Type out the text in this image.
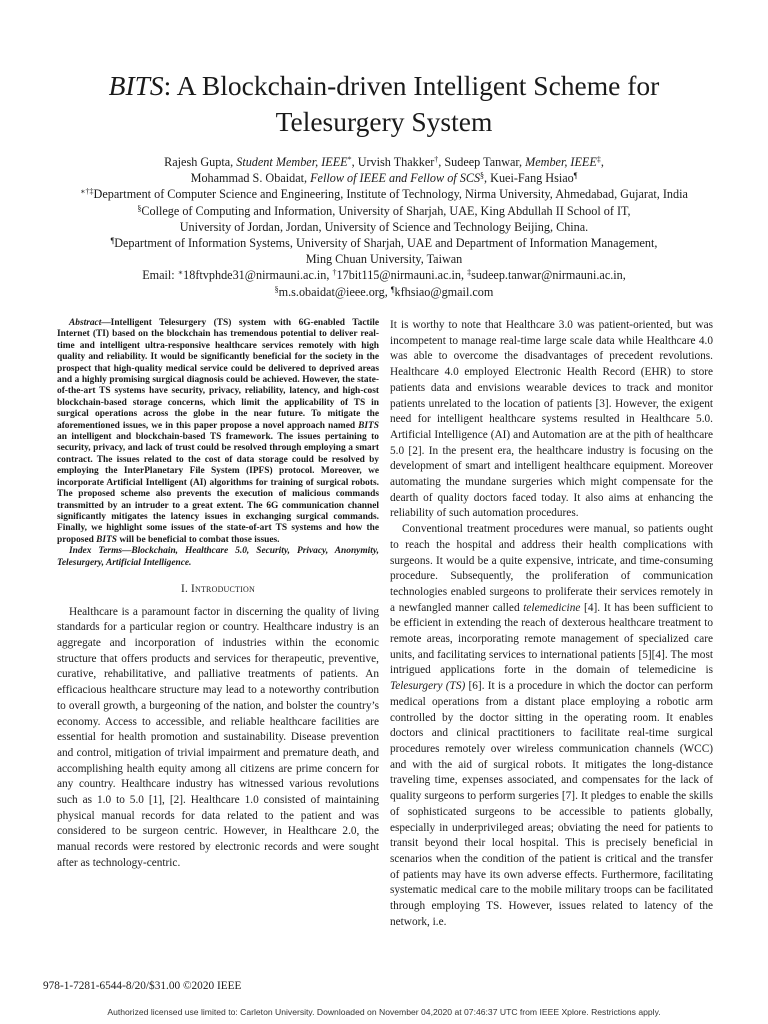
BITS: A Blockchain-driven Intelligent Scheme for
Telesurgery System
Rajesh Gupta, Student Member, IEEE*, Urvish Thakker†, Sudeep Tanwar, Member, IEEE‡,
Mohammad S. Obaidat, Fellow of IEEE and Fellow of SCS§, Kuei-Fang Hsiao¶
∗†‡Department of Computer Science and Engineering, Institute of Technology, Nirma University, Ahmedabad, Gujarat, India
§College of Computing and Information, University of Sharjah, UAE, King Abdullah II School of IT,
University of Jordan, Jordan, University of Science and Technology Beijing, China.
¶Department of Information Systems, University of Sharjah, UAE and Department of Information Management,
Ming Chuan University, Taiwan
Email: ∗18ftvphde31@nirmauni.ac.in, †17bit115@nirmauni.ac.in, ‡sudeep.tanwar@nirmauni.ac.in,
§m.s.obaidat@ieee.org, ¶kfhsiao@gmail.com

Abstract—Intelligent Telesurgery (TS) system with 6G-enabled Tactile Internet (TI) based on the blockchain has tremendous potential to deliver real-time and intelligent ultra-responsive healthcare services remotely with high quality and reliability. It would be significantly beneficial for the society in the prospect that high-quality medical service could be delivered to deprived areas and a highly promising surgical diagnosis could be achieved. However, the state-of-the-art TS systems have security, privacy, reliability, latency, and high-cost blockchain-based storage concerns, which limit the applicability of TS in surgical operations across the globe in the near future. To mitigate the aforementioned issues, we in this paper propose a novel approach named BITS an intelligent and blockchain-based TS framework. The issues pertaining to security, privacy, and lack of trust could be resolved through employing a smart contract. The issues related to the cost of data storage could be resolved by employing the InterPlanetary File System (IPFS) protocol. Moreover, we incorporate Artificial Intelligent (AI) algorithms for training of surgical robots. The proposed scheme also prevents the execution of malicious commands transmitted by an intruder to a great extent. The 6G communication channel significantly mitigates the latency issues in exchanging surgical commands. Finally, we highlight some issues of the state-of-art TS systems and how the proposed BITS will be beneficial to combat those issues.

Index Terms—Blockchain, Healthcare 5.0, Security, Privacy, Anonymity, Telesurgery, Artificial Intelligence.

I. Introduction

Healthcare is a paramount factor in discerning the quality of living standards for a particular region or country. Healthcare industry is an aggregate and incorporation of industries within the economic structure that offers products and services for therapeutic, preventive, curative, rehabilitative, and palliative treatments of patients. An efficacious healthcare structure may lead to a noteworthy contribution to overall growth, a burgeoning of the nation, and bolster the country’s economy. Access to accessible, and reliable healthcare facilities are essential for health promotion and sustainability. Disease prevention and control, mitigation of trivial impairment and premature death, and accomplishing health equity among all citizens are prime concern for any country. Healthcare industry has witnessed various revolutions such as 1.0 to 5.0 [1], [2]. Healthcare 1.0 consisted of maintaining physical manual records for data related to the patient and was considered to be surgeon centric. However, in Healthcare 2.0, the manual records were restored by electronic records and were sought after as technology-centric.

It is worthy to note that Healthcare 3.0 was patient-oriented, but was incompetent to manage real-time large scale data while Healthcare 4.0 was able to overcome the disadvantages of precedent revolutions. Healthcare 4.0 employed Electronic Health Record (EHR) to store patients data and envisions wearable devices to track and monitor patients unrelated to the location of patients [3]. However, the exigent need for intelligent healthcare systems resulted in Healthcare 5.0. Artificial Intelligence (AI) and Automation are at the pith of healthcare 5.0 [2]. In the present era, the healthcare industry is focusing on the development of smart and intelligent healthcare equipment. Moreover automating the mundane surgeries which might compensate for the dearth of quality doctors faced today. It also aims at enhancing the reliability of such automation procedures.

Conventional treatment procedures were manual, so patients ought to reach the hospital and address their health complications with surgeons. It would be a quite expensive, intricate, and time-consuming procedure. Subsequently, the proliferation of communication technologies enabled surgeons to proliferate their services remotely in a newfangled manner called telemedicine [4]. It has been sufficient to be efficient in extending the reach of dexterous healthcare treatment to remote areas, incorporating remote management of specialized care units, and facilitating services to international patients [5][4]. The most intrigued applications forte in the domain of telemedicine is Telesurgery (TS) [6]. It is a procedure in which the doctor can perform medical operations from a distant place employing a robotic arm controlled by the doctor sitting in the operating room. It enables doctors and clinical practitioners to facilitate real-time surgical procedures remotely over wireless communication channels (WCC) and with the aid of surgical robots. It mitigates the long-distance traveling time, expenses associated, and compensates for the lack of quality surgeons to perform surgeries [7]. It pledges to enable the skills of sophisticated surgeons to be accessible to patients globally, especially in underprivileged areas; obviating the need for patients to transit beyond their local hospital. This is precisely beneficial in scenarios when the condition of the patient is critical and the transfer of patients may have its own adverse effects. Furthermore, facilitating systematic medical care to the mobile military troops can be facilitated through employing TS. However, issues related to latency of the network, i.e.

978-1-7281-6544-8/20/$31.00 ©2020 IEEE
Authorized licensed use limited to: Carleton University. Downloaded on November 04,2020 at 07:46:37 UTC from IEEE Xplore. Restrictions apply.
